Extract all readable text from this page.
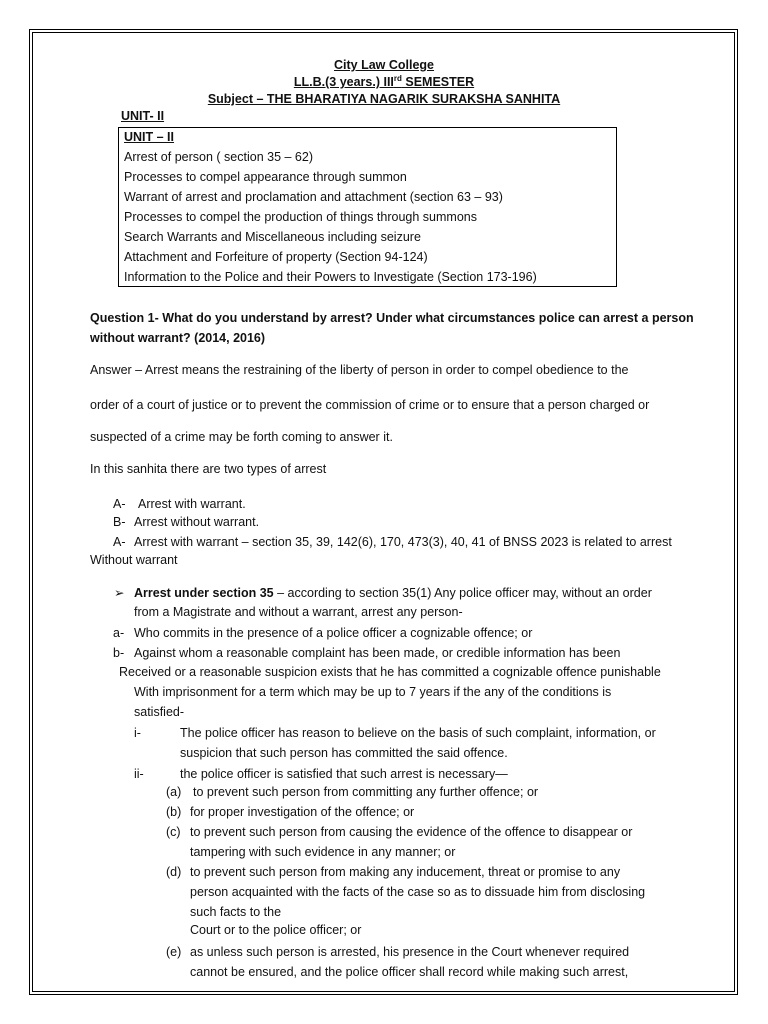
City Law College
LL.B.(3 years.) IIIrd SEMESTER
Subject – THE BHARATIYA NAGARIK SURAKSHA SANHITA
UNIT- II
UNIT – II
Arrest of person ( section 35 – 62)
Processes to compel appearance through summon
Warrant of arrest and proclamation and attachment (section 63 – 93)
Processes to compel the production of things through summons
Search Warrants and Miscellaneous including seizure
Attachment and Forfeiture of property (Section 94-124)
Information to the Police and their Powers to Investigate (Section 173-196)
Question 1- What do you understand by arrest? Under what circumstances police can arrest a person
without warrant? (2014, 2016)
Answer – Arrest means the restraining of the liberty of person in order to compel obedience to the
order of a court of justice or to prevent the commission of crime or to ensure that a person charged or
suspected of a crime may be forth coming to answer it.
In this sanhita there are two types of arrest
A- Arrest with warrant.
B- Arrest without warrant.
A- Arrest with warrant – section 35, 39, 142(6), 170, 473(3), 40, 41 of BNSS 2023 is related to arrest
Without warrant
➢ Arrest under section 35 – according to section 35(1) Any police officer may, without an order
from a Magistrate and without a warrant, arrest any person-
a- Who commits in the presence of a police officer a cognizable offence; or
b- Against whom a reasonable complaint has been made, or credible information has been
Received or a reasonable suspicion exists that he has committed a cognizable offence punishable
With imprisonment for a term which may be up to 7 years if the any of the conditions is
satisfied-
i-	The police officer has reason to believe on the basis of such complaint, information, or
suspicion that such person has committed the said offence.
ii-	the police officer is satisfied that such arrest is necessary—
(a) to prevent such person from committing any further offence; or
(b) for proper investigation of the offence; or
(c) to prevent such person from causing the evidence of the offence to disappear or
tampering with such evidence in any manner; or
(d) to prevent such person from making any inducement, threat or promise to any
person acquainted with the facts of the case so as to dissuade him from disclosing
such facts to the
Court or to the police officer; or
(e) as unless such person is arrested, his presence in the Court whenever required
cannot be ensured, and the police officer shall record while making such arrest,
